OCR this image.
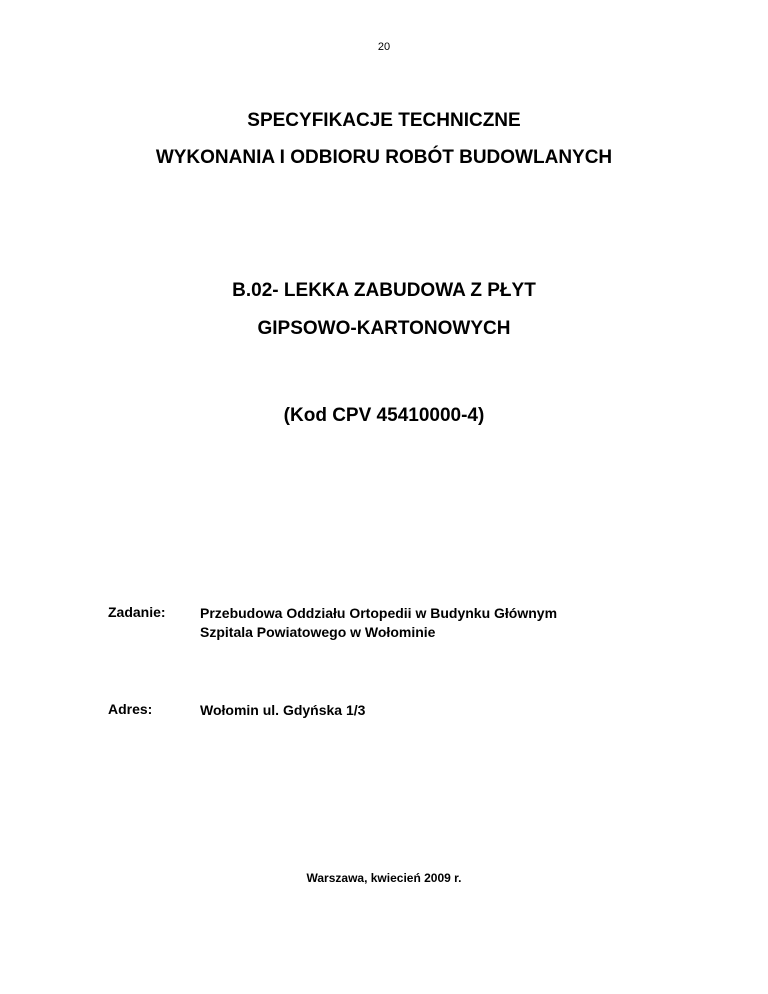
20
SPECYFIKACJE TECHNICZNE
WYKONANIA I ODBIORU ROBÓT BUDOWLANYCH
B.02- LEKKA ZABUDOWA Z PŁYT
GIPSOWO-KARTONOWYCH
(Kod CPV 45410000-4)
Zadanie: Przebudowa Oddziału Ortopedii w Budynku Głównym
Szpitala Powiatowego w Wołominie
Adres:	Wołomin ul. Gdyńska 1/3
Warszawa, kwiecień 2009 r.
